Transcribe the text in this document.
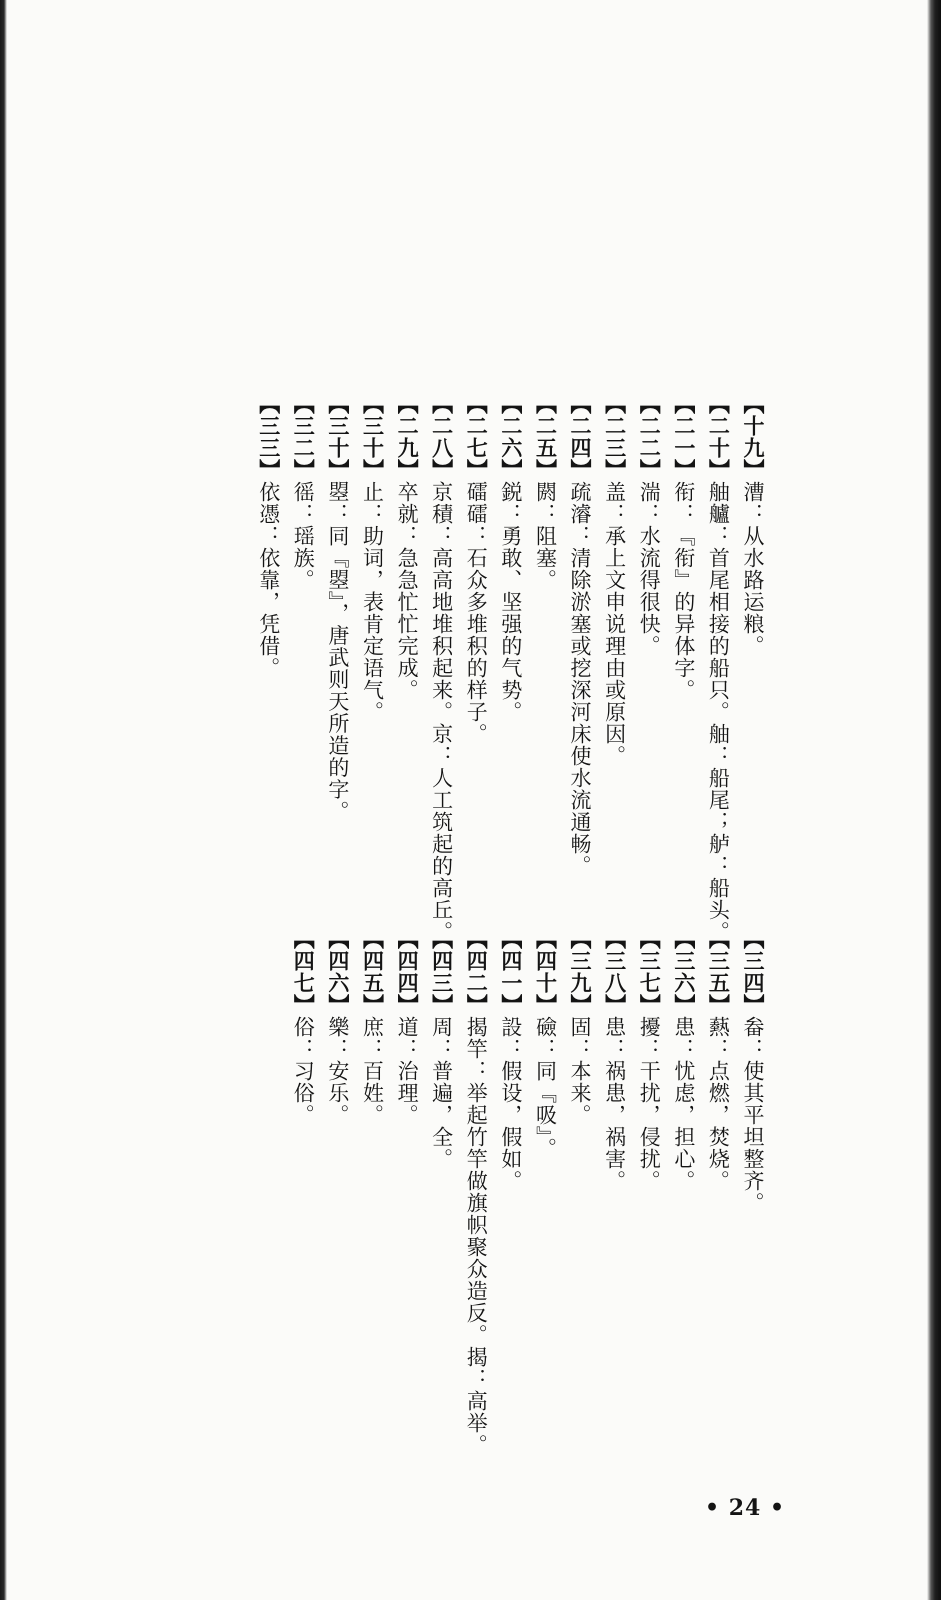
【十九】漕：从水路运粮。
【二十】舳艫：首尾相接的船只。舳：船尾；舻：船头。
【二一】衔：『衔』的异体字。
【二二】湍：水流得很快。
【二三】盖：承上文申说理由或原因。
【二四】疏濬：清除淤塞或挖深河床使水流通畅。
【二五】閼：阻塞。
【二六】鋭：勇敢、坚强的气势。
【二七】礌礌：石众多堆积的样子。
【二八】京積：高高地堆积起来。京：人工筑起的高丘。
【二九】卒就：急急忙忙完成。
【三十】止：助词，表肯定语气。
【三十】曌：同『曌』，唐武则天所造的字。
【三二】徭：瑶族。
【三三】依憑：依靠，凭借。
【三四】畚：使其平坦整齐。
【三五】爇：点燃，焚烧。
【三六】患：忧虑，担心。
【三七】擾：干扰，侵扰。
【三八】患：祸患，祸害。
【三九】固：本来。
【四十】礆：同『吸』。
【四一】設：假设，假如。
【四二】揭竿：举起竹竿做旗帜聚众造反。揭：高举。
【四三】周：普遍，全。
【四四】道：治理。
【四五】庶：百姓。
【四六】樂：安乐。
【四七】俗：习俗。
• 24 •
